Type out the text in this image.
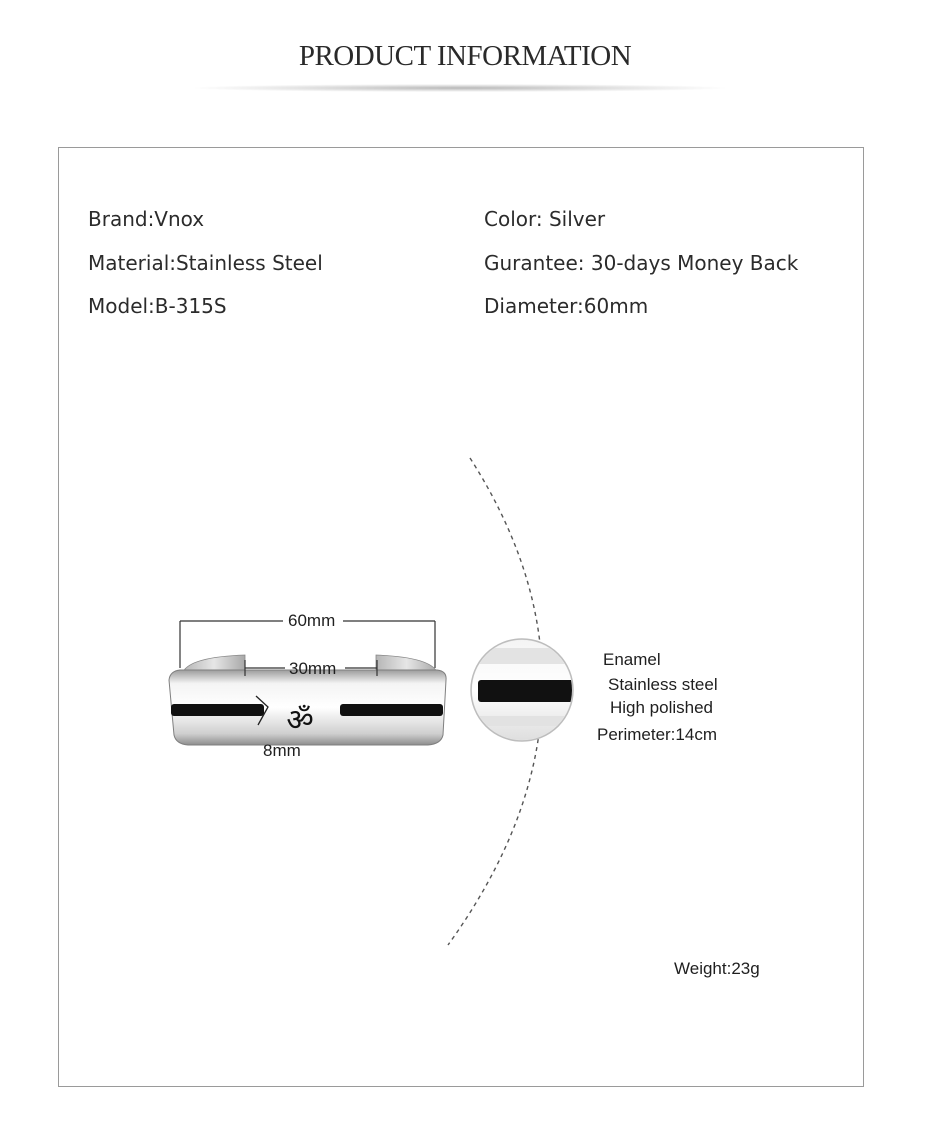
PRODUCT INFORMATION
Brand:Vnox
Material:Stainless Steel
Model:B-315S
Color: Silver
Gurantee: 30-days Money Back
Diameter:60mm
ॐ
60mm
30mm
8mm
Enamel
Stainless steel
High polished
Perimeter:14cm
Weight:23g
